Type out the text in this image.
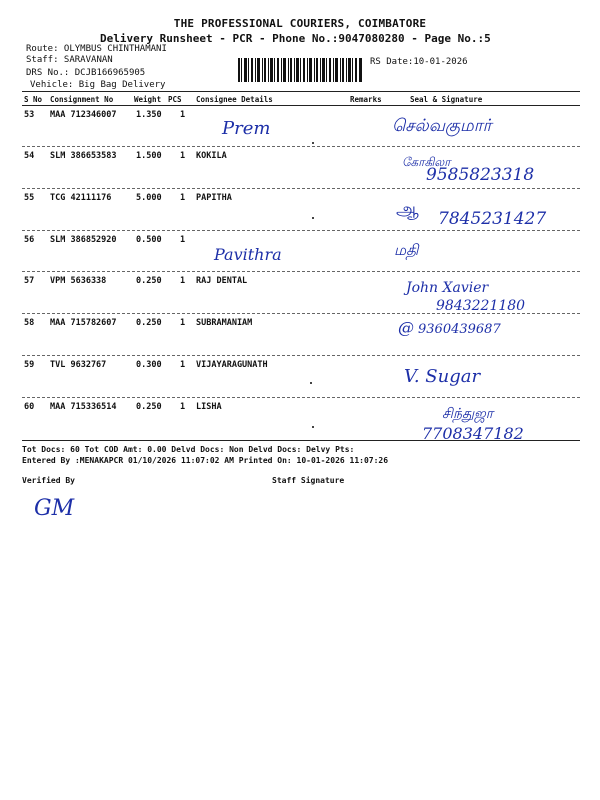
THE PROFESSIONAL COURIERS, COIMBATORE
Delivery Runsheet - PCR - Phone No.:9047080280 - Page No.:5
Route: OLYMBUS CHINTHAMANI
Staff: SARAVANAN
DRS No.: DCJB166965905
Vehicle: Big Bag Delivery
RS Date:10-01-2026
S No Consignment No	Weight PCS Consignee Details	Remarks	Seal & Signature
53 MAA 712346007 1.350 1
Prem	செல்வகுமார்
54 SLM 386653583 1.500 1 KOKILA	கோகிலா
9585823318
55 TCG 42111176	5.000 1 PAPITHA
ஆ 7845231427
56 SLM 386852920 0.500 1
Pavithra	மதி
57 VPM 5636338	0.250 1 RAJ DENTAL	John Xavier
9843221180
58 MAA 715782607 0.250 1 SUBRAMANIAM	@ 9360439687
59 TVL 9632767	0.300 1 VIJAYARAGUNATH
V. Sugar
60 MAA 715336514 0.250 1 LISHA	சிந்துஜா
7708347182
Tot Docs: 60 Tot COD Amt: 0.00 Delvd Docs: Non Delvd Docs: Delvy Pts:
Entered By :MENAKAPCR 01/10/2026 11:07:02 AM Printed On: 10-01-2026 11:07:26
Verified By	Staff Signature
GM
